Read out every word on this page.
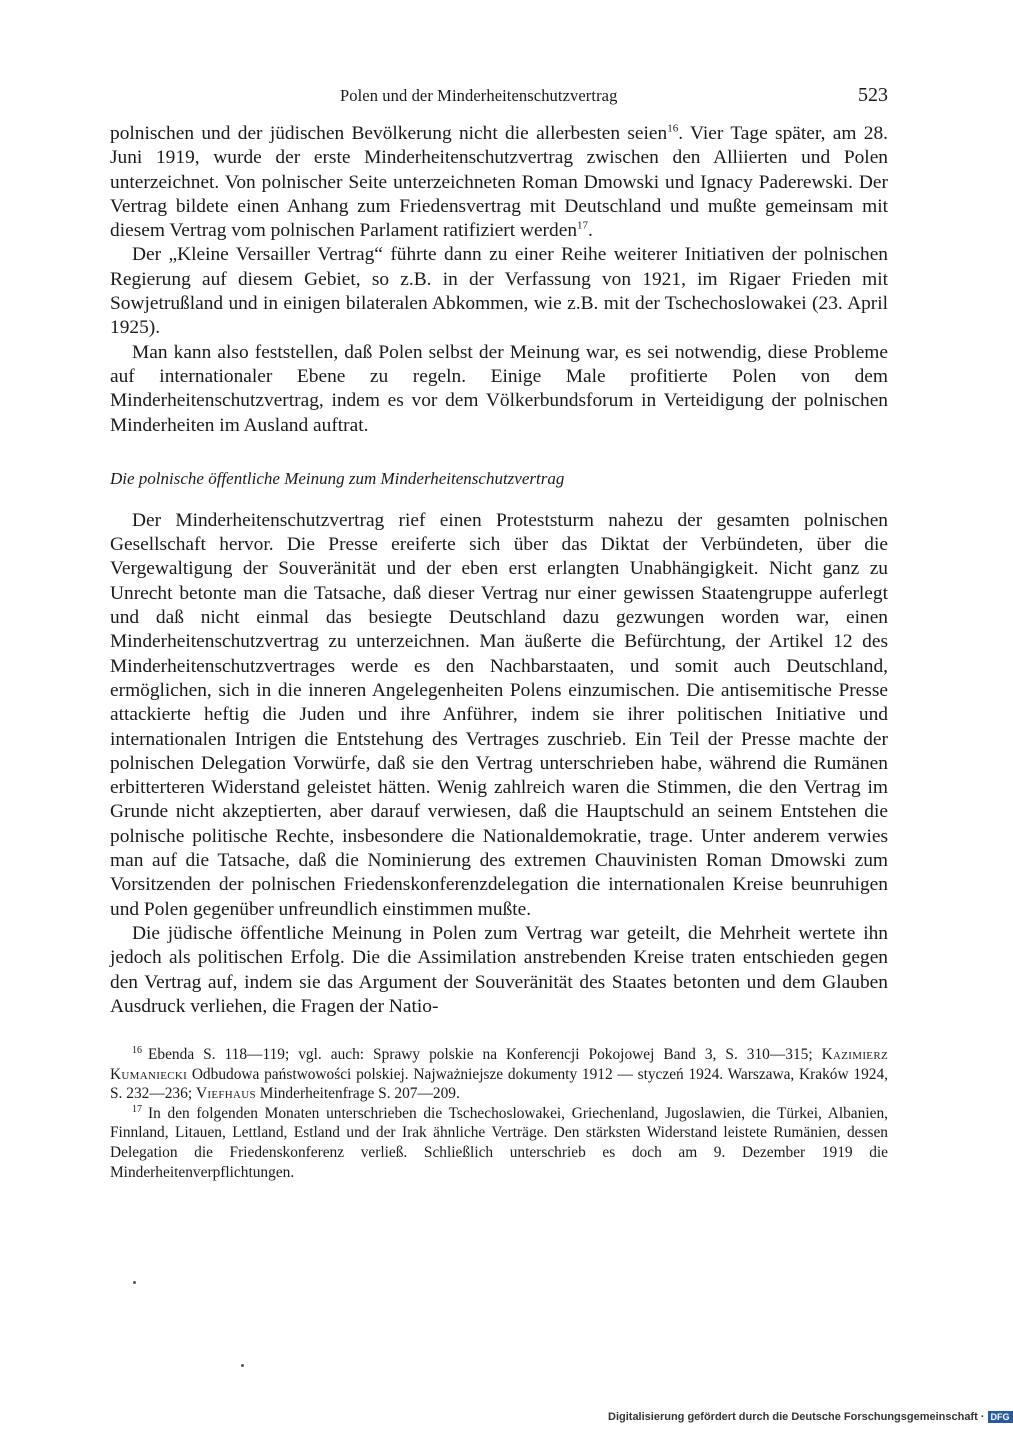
Polen und der Minderheitenschutzvertrag	523

polnischen und der jüdischen Bevölkerung nicht die allerbesten seien$^{16}$. Vier Tage später, am 28. Juni 1919, wurde der erste Minderheitenschutzvertrag zwischen den Alliierten und Polen unterzeichnet. Von polnischer Seite unterzeichneten Roman Dmowski und Ignacy Paderewski. Der Vertrag bildete einen Anhang zum Friedensvertrag mit Deutschland und mußte gemeinsam mit diesem Vertrag vom polnischen Parlament ratifiziert werden$^{17}$.

Der „Kleine Versailler Vertrag“ führte dann zu einer Reihe weiterer Initiativen der polnischen Regierung auf diesem Gebiet, so z.B. in der Verfassung von 1921, im Rigaer Frieden mit Sowjetrußland und in einigen bilateralen Abkommen, wie z.B. mit der Tschechoslowakei (23. April 1925).

Man kann also feststellen, daß Polen selbst der Meinung war, es sei notwendig, diese Probleme auf internationaler Ebene zu regeln. Einige Male profitierte Polen von dem Minderheitenschutzvertrag, indem es vor dem Völkerbundsforum in Verteidigung der polnischen Minderheiten im Ausland auftrat.

Die polnische öffentliche Meinung zum Minderheitenschutzvertrag

Der Minderheitenschutzvertrag rief einen Proteststurm nahezu der gesamten polnischen Gesellschaft hervor. Die Presse ereiferte sich über das Diktat der Verbündeten, über die Vergewaltigung der Souveränität und der eben erst erlangten Unabhängigkeit. Nicht ganz zu Unrecht betonte man die Tatsache, daß dieser Vertrag nur einer gewissen Staatengruppe auferlegt und daß nicht einmal das besiegte Deutschland dazu gezwungen worden war, einen Minderheitenschutzvertrag zu unterzeichnen. Man äußerte die Befürchtung, der Artikel 12 des Minderheitenschutzvertrages werde es den Nachbarstaaten, und somit auch Deutschland, ermöglichen, sich in die inneren Angelegenheiten Polens einzumischen. Die antisemitische Presse attackierte heftig die Juden und ihre Anführer, indem sie ihrer politischen Initiative und internationalen Intrigen die Entstehung des Vertrages zuschrieb. Ein Teil der Presse machte der polnischen Delegation Vorwürfe, daß sie den Vertrag unterschrieben habe, während die Rumänen erbitterteren Widerstand geleistet hätten. Wenig zahlreich waren die Stimmen, die den Vertrag im Grunde nicht akzeptierten, aber darauf verwiesen, daß die Hauptschuld an seinem Entstehen die polnische politische Rechte, insbesondere die Nationaldemokratie, trage. Unter anderem verwies man auf die Tatsache, daß die Nominierung des extremen Chauvinisten Roman Dmowski zum Vorsitzenden der polnischen Friedenskonferenzdelegation die internationalen Kreise beunruhigen und Polen gegenüber unfreundlich einstimmen mußte.

Die jüdische öffentliche Meinung in Polen zum Vertrag war geteilt, die Mehrheit wertete ihn jedoch als politischen Erfolg. Die die Assimilation anstrebenden Kreise traten entschieden gegen den Vertrag auf, indem sie das Argument der Souveränität des Staates betonten und dem Glauben Ausdruck verliehen, die Fragen der Natio-

$^{16}$ Ebenda S. 118—119; vgl. auch: Sprawy polskie na Konferencji Pokojowej Band 3, S. 310—315; Kazimierz Kumaniecki Odbudowa państwowości polskiej. Najważniejsze dokumenty 1912 — styczeń 1924. Warszawa, Kraków 1924, S. 232—236; Viefhaus Minderheitenfrage S. 207—209.

$^{17}$ In den folgenden Monaten unterschrieben die Tschechoslowakei, Griechenland, Jugoslawien, die Türkei, Albanien, Finnland, Litauen, Lettland, Estland und der Irak ähnliche Verträge. Den stärksten Widerstand leistete Rumänien, dessen Delegation die Friedenskonferenz verließ. Schließlich unterschrieb es doch am 9. Dezember 1919 die Minderheitenverpflichtungen.

Digitalisierung gefördert durch die Deutsche Forschungsgemeinschaft · DFG
